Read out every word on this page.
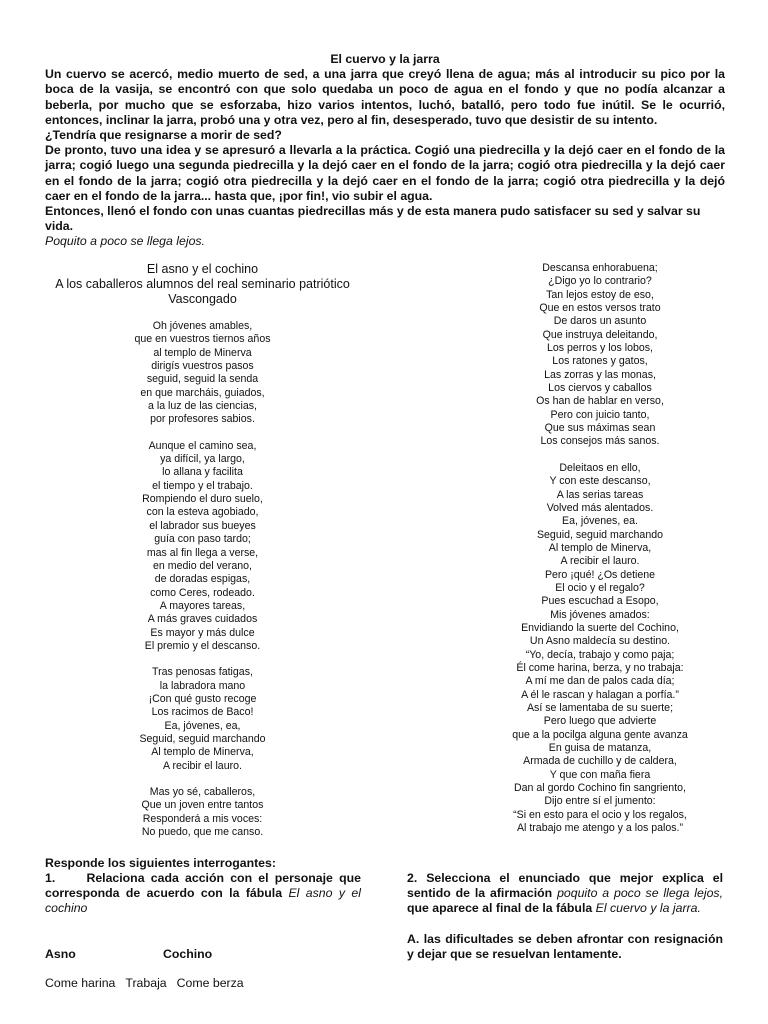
El cuervo y la jarra

Un cuervo se acercó, medio muerto de sed, a una jarra que creyó llena de agua; más al introducir su pico por la boca de la vasija, se encontró con que solo quedaba un poco de agua en el fondo y que no podía alcanzar a beberla, por mucho que se esforzaba, hizo varios intentos, luchó, batalló, pero todo fue inútil. Se le ocurrió, entonces, inclinar la jarra, probó una y otra vez, pero al fin, desesperado, tuvo que desistir de su intento.

¿Tendría que resignarse a morir de sed?

De pronto, tuvo una idea y se apresuró a llevarla a la práctica. Cogió una piedrecilla y la dejó caer en el fondo de la jarra; cogió luego una segunda piedrecilla y la dejó caer en el fondo de la jarra; cogió otra piedrecilla y la dejó caer en el fondo de la jarra; cogió otra piedrecilla y la dejó caer en el fondo de la jarra; cogió otra piedrecilla y la dejó caer en el fondo de la jarra... hasta que, ¡por fin!, vio subir el agua.

Entonces, llenó el fondo con unas cuantas piedrecillas más y de esta manera pudo satisfacer su sed y salvar su vida.

Poquito a poco se llega lejos.

El asno y el cochino

A los caballeros alumnos del real seminario patriótico Vascongado

Oh jóvenes amables,
que en vuestros tiernos años
al templo de Minerva
dirigís vuestros pasos
seguid, seguid la senda
en que marcháis, guiados,
a la luz de las ciencias,
por profesores sabios.
Aunque el camino sea,
ya difícil, ya largo,
lo allana y facilita
el tiempo y el trabajo.
Rompiendo el duro suelo,
con la esteva agobiado,
el labrador sus bueyes
guía con paso tardo;
mas al fin llega a verse,
en medio del verano,
de doradas espigas,
como Ceres, rodeado.
A mayores tareas,
A más graves cuidados
Es mayor y más dulce
El premio y el descanso.
Tras penosas fatigas,
la labradora mano
¡Con qué gusto recoge
Los racimos de Baco!
Ea, jóvenes, ea,
Seguid, seguid marchando
Al templo de Minerva,
A recibir el lauro.
Mas yo sé, caballeros,
Que un joven entre tantos
Responderá a mis voces:
No puedo, que me canso.
Descansa enhorabuena;
¿Digo yo lo contrario?
Tan lejos estoy de eso,
Que en estos versos trato
De daros un asunto
Que instruya deleitando,
Los perros y los lobos,
Los ratones y gatos,
Las zorras y las monas,
Los ciervos y caballos
Os han de hablar en verso,
Pero con juicio tanto,
Que sus máximas sean
Los consejos más sanos.
Deleitaos en ello,
Y con este descanso,
A las serias tareas
Volved más alentados.
Ea, jóvenes, ea.
Seguid, seguid marchando
Al templo de Minerva,
A recibir el lauro.
Pero ¡qué! ¿Os detiene
El ocio y el regalo?
Pues escuchad a Esopo,
Mis jóvenes amados:
Envidiando la suerte del Cochino,
Un Asno maldecía su destino.
“Yo, decía, trabajo y como paja;
Él come harina, berza, y no trabaja:
A mí me dan de palos cada día;
A él le rascan y halagan a porfía.”
Así se lamentaba de su suerte;
Pero luego que advierte
que a la pocilga alguna gente avanza
En guisa de matanza,
Armada de cuchillo y de caldera,
Y que con maña fiera
Dan al gordo Cochino fin sangriento,
Dijo entre sí el jumento:
“Si en esto para el ocio y los regalos,
Al trabajo me atengo y a los palos.”

Responde los siguientes interrogantes:

1.	Relaciona cada acción con el personaje que corresponda de acuerdo con la fábula El asno y el cochino

Asno	Cochino
Come harina Trabaja Come berza

2. Selecciona el enunciado que mejor explica el sentido de la afirmación poquito a poco se llega lejos, que aparece al final de la fábula El cuervo y la jarra.

A. las dificultades se deben afrontar con resignación y dejar que se resuelvan lentamente.
